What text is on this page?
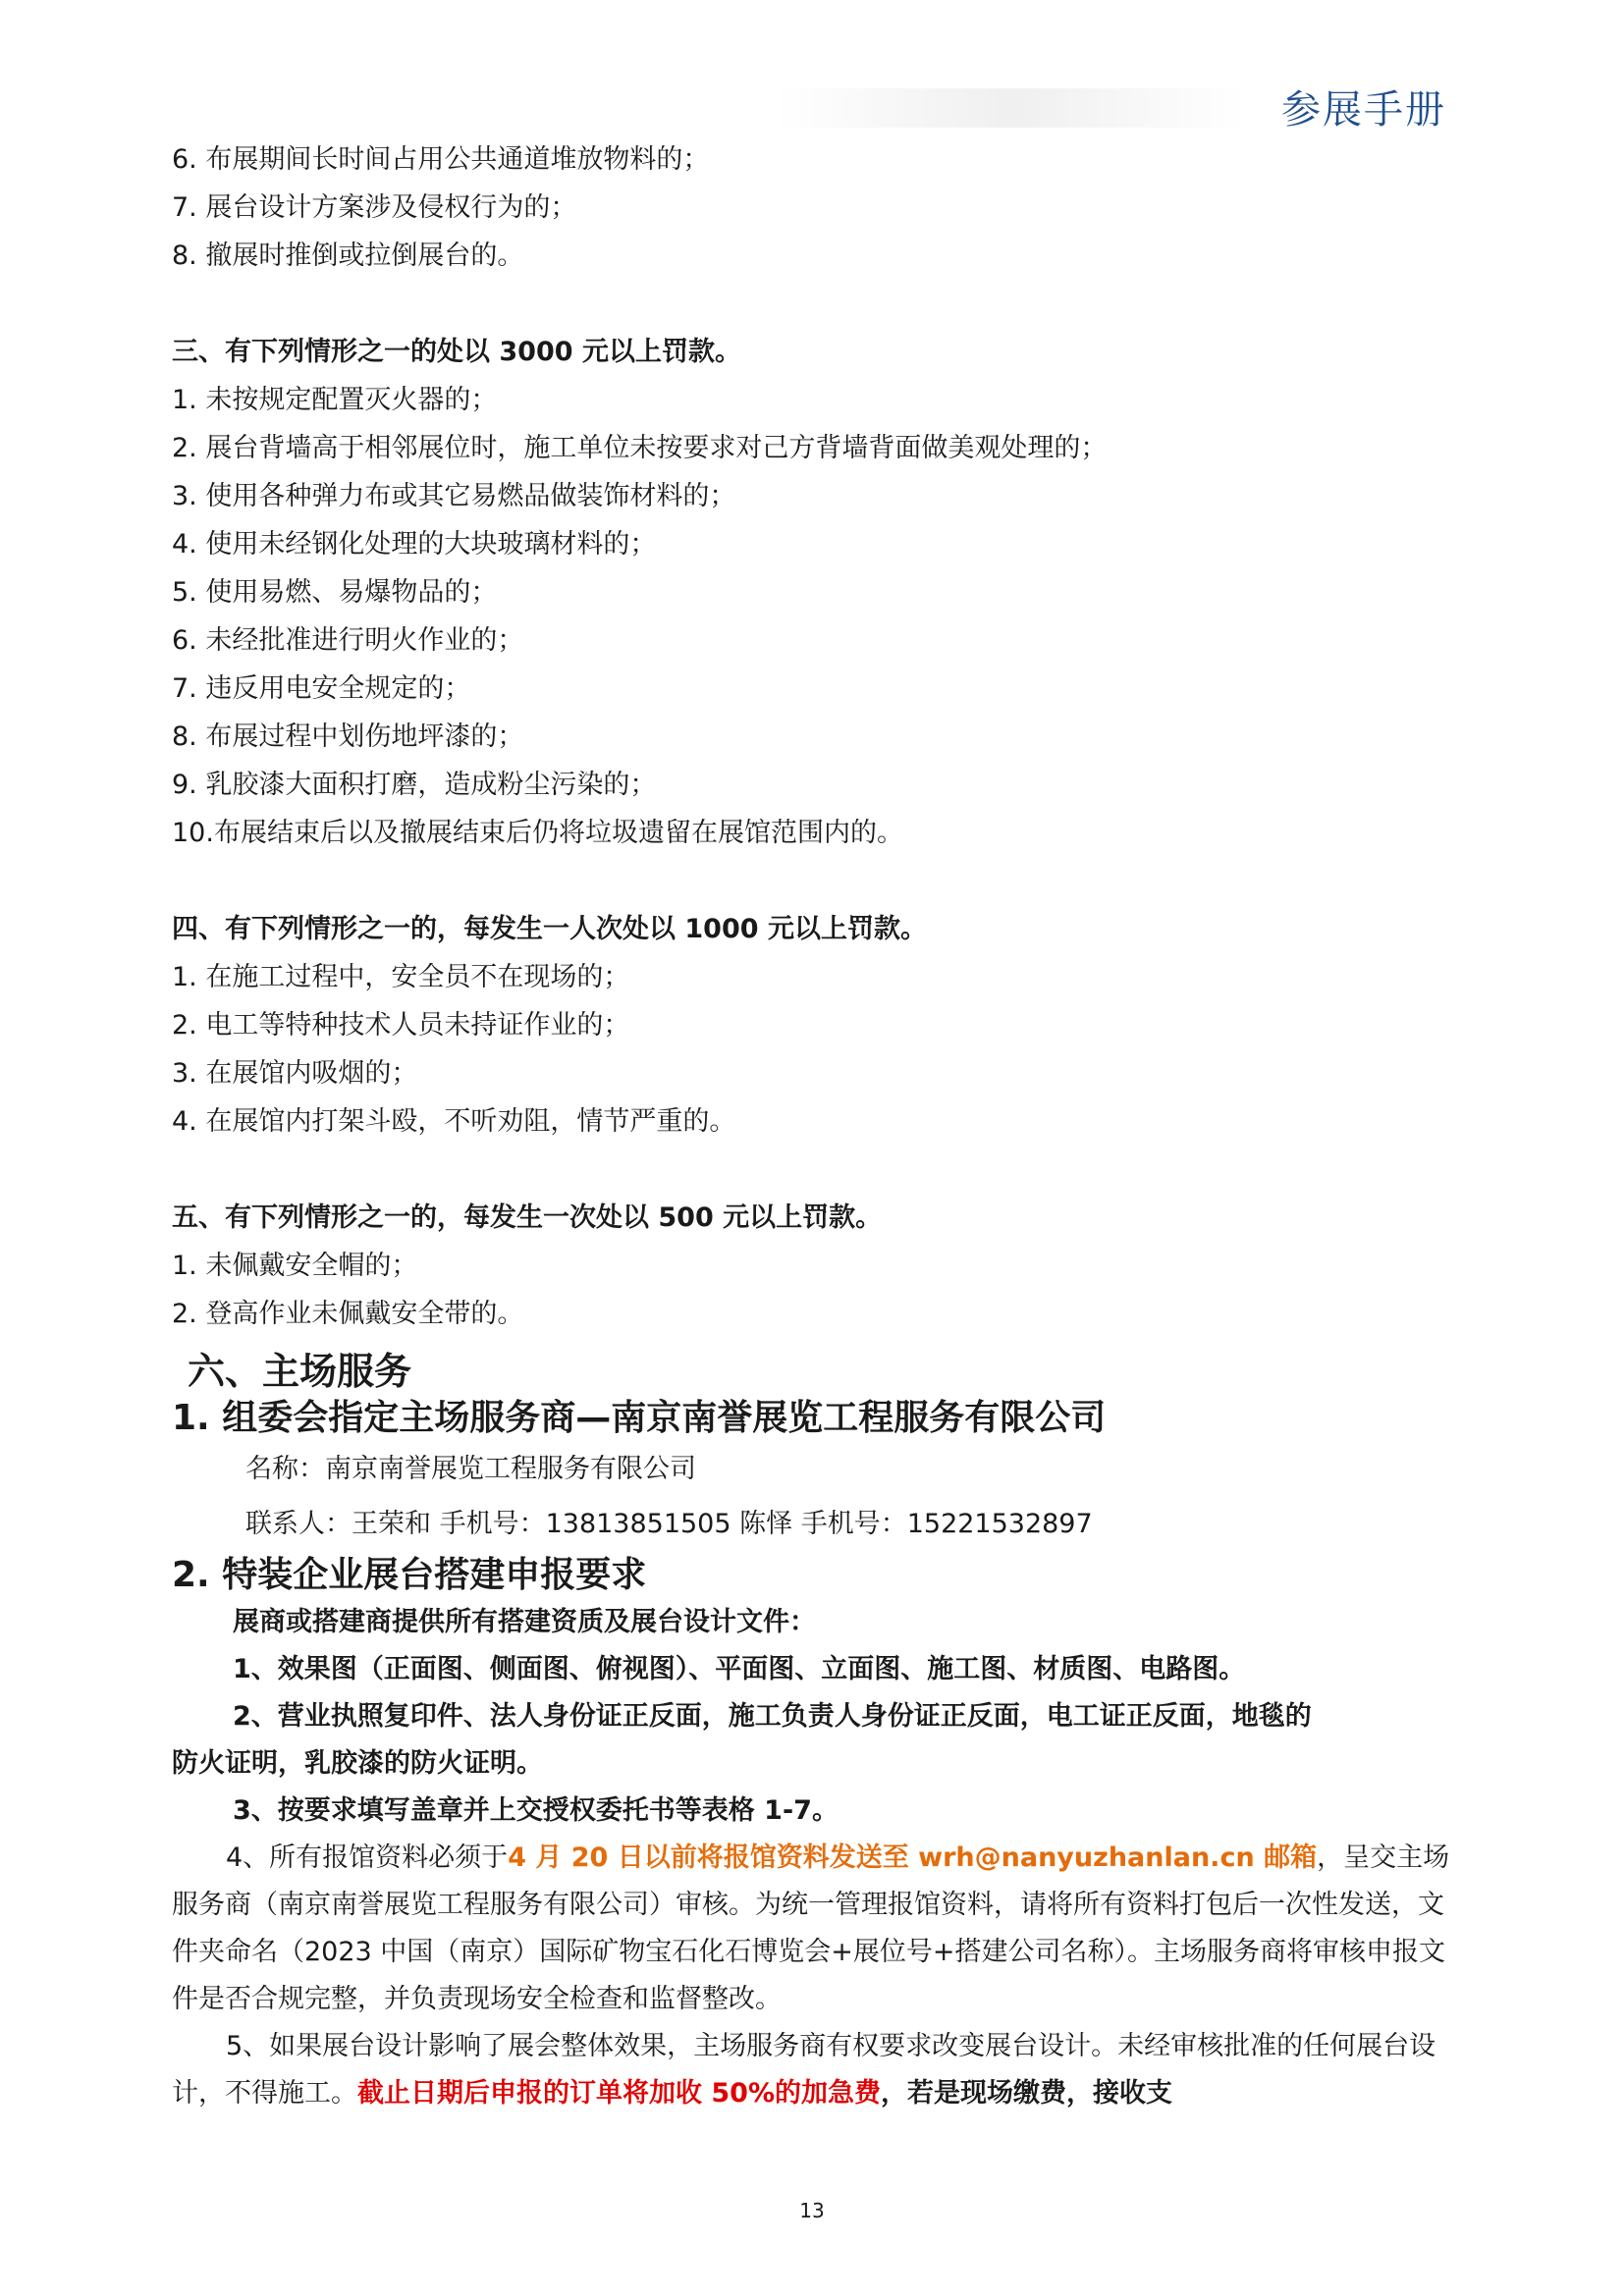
参展手册
6. 布展期间长时间占用公共通道堆放物料的；
7. 展台设计方案涉及侵权行为的；
8. 撤展时推倒或拉倒展台的。
三、有下列情形之一的处以 3000 元以上罚款。
1. 未按规定配置灭火器的；
2. 展台背墙高于相邻展位时，施工单位未按要求对己方背墙背面做美观处理的；
3. 使用各种弹力布或其它易燃品做装饰材料的；
4. 使用未经钢化处理的大块玻璃材料的；
5. 使用易燃、易爆物品的；
6. 未经批准进行明火作业的；
7. 违反用电安全规定的；
8. 布展过程中划伤地坪漆的；
9. 乳胶漆大面积打磨，造成粉尘污染的；
10.布展结束后以及撤展结束后仍将垃圾遗留在展馆范围内的。
四、有下列情形之一的，每发生一人次处以 1000 元以上罚款。
1. 在施工过程中，安全员不在现场的；
2. 电工等特种技术人员未持证作业的；
3. 在展馆内吸烟的；
4. 在展馆内打架斗殴，不听劝阻，情节严重的。
五、有下列情形之一的，每发生一次处以 500 元以上罚款。
1. 未佩戴安全帽的；
2. 登高作业未佩戴安全带的。
六、主场服务
1. 组委会指定主场服务商—南京南誉展览工程服务有限公司
名称：南京南誉展览工程服务有限公司
联系人：王荣和 手机号：13813851505 陈怿 手机号：15221532897
2. 特装企业展台搭建申报要求
展商或搭建商提供所有搭建资质及展台设计文件：
1、效果图（正面图、侧面图、俯视图）、平面图、立面图、施工图、材质图、电路图。
2、营业执照复印件、法人身份证正反面，施工负责人身份证正反面，电工证正反面，地毯的
防火证明，乳胶漆的防火证明。
3、按要求填写盖章并上交授权委托书等表格 1-7。
4、所有报馆资料必须于4 月 20 日以前将报馆资料发送至 wrh@nanyuzhanlan.cn 邮箱，呈交主场服务商（南京南誉展览工程服务有限公司）审核。为统一管理报馆资料，请将所有资料打包后一次性发送，文件夹命名（2023 中国（南京）国际矿物宝石化石博览会+展位号+搭建公司名称）。主场服务商将审核申报文件是否合规完整，并负责现场安全检查和监督整改。
5、如果展台设计影响了展会整体效果，主场服务商有权要求改变展台设计。未经审核批准的任何展台设计，不得施工。截止日期后申报的订单将加收 50%的加急费，若是现场缴费，接收支
13
